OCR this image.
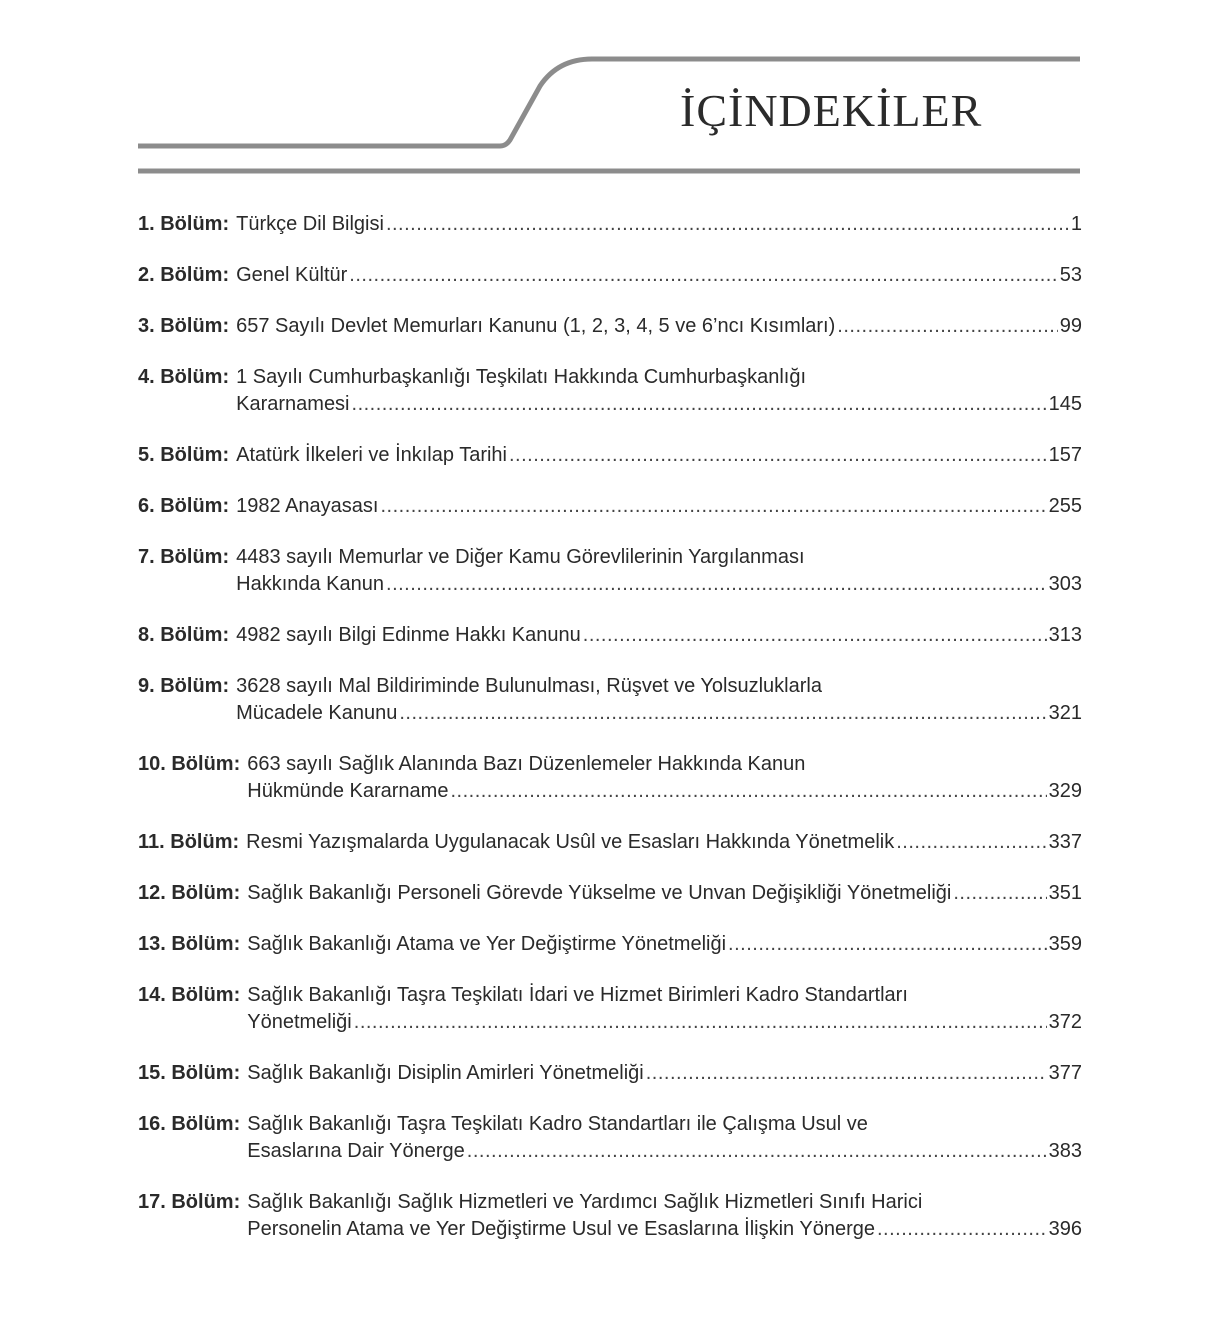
İÇİNDEKİLER
1. Bölüm: Türkçe Dil Bilgisi .....	1
2. Bölüm: Genel Kültür .....	53
3. Bölüm: 657 Sayılı Devlet Memurları Kanunu (1, 2, 3, 4, 5 ve 6’ncı Kısımları) .....	99
4. Bölüm: 1 Sayılı Cumhurbaşkanlığı Teşkilatı Hakkında Cumhurbaşkanlığı
Kararnamesi .....	145
5. Bölüm: Atatürk İlkeleri ve İnkılap Tarihi .....	157
6. Bölüm: 1982 Anayasası .....	255
7. Bölüm: 4483 sayılı Memurlar ve Diğer Kamu Görevlilerinin Yargılanması
Hakkında Kanun .....	303
8. Bölüm: 4982 sayılı Bilgi Edinme Hakkı Kanunu .....	313
9. Bölüm: 3628 sayılı Mal Bildiriminde Bulunulması, Rüşvet ve Yolsuzluklarla
Mücadele Kanunu .....	321
10. Bölüm: 663 sayılı Sağlık Alanında Bazı Düzenlemeler Hakkında Kanun
Hükmünde Kararname .....	329
11. Bölüm: Resmi Yazışmalarda Uygulanacak Usûl ve Esasları Hakkında Yönetmelik .....	337
12. Bölüm: Sağlık Bakanlığı Personeli Görevde Yükselme ve Unvan Değişikliği Yönetmeliği .....	351
13. Bölüm: Sağlık Bakanlığı Atama ve Yer Değiştirme Yönetmeliği .....	359
14. Bölüm: Sağlık Bakanlığı Taşra Teşkilatı İdari ve Hizmet Birimleri Kadro Standartları
Yönetmeliği .....	372
15. Bölüm: Sağlık Bakanlığı Disiplin Amirleri Yönetmeliği .....	377
16. Bölüm: Sağlık Bakanlığı Taşra Teşkilatı Kadro Standartları ile Çalışma Usul ve
Esaslarına Dair Yönerge .....	383
17. Bölüm: Sağlık Bakanlığı Sağlık Hizmetleri ve Yardımcı Sağlık Hizmetleri Sınıfı Harici
Personelin Atama ve Yer Değiştirme Usul ve Esaslarına İlişkin Yönerge .....	396
